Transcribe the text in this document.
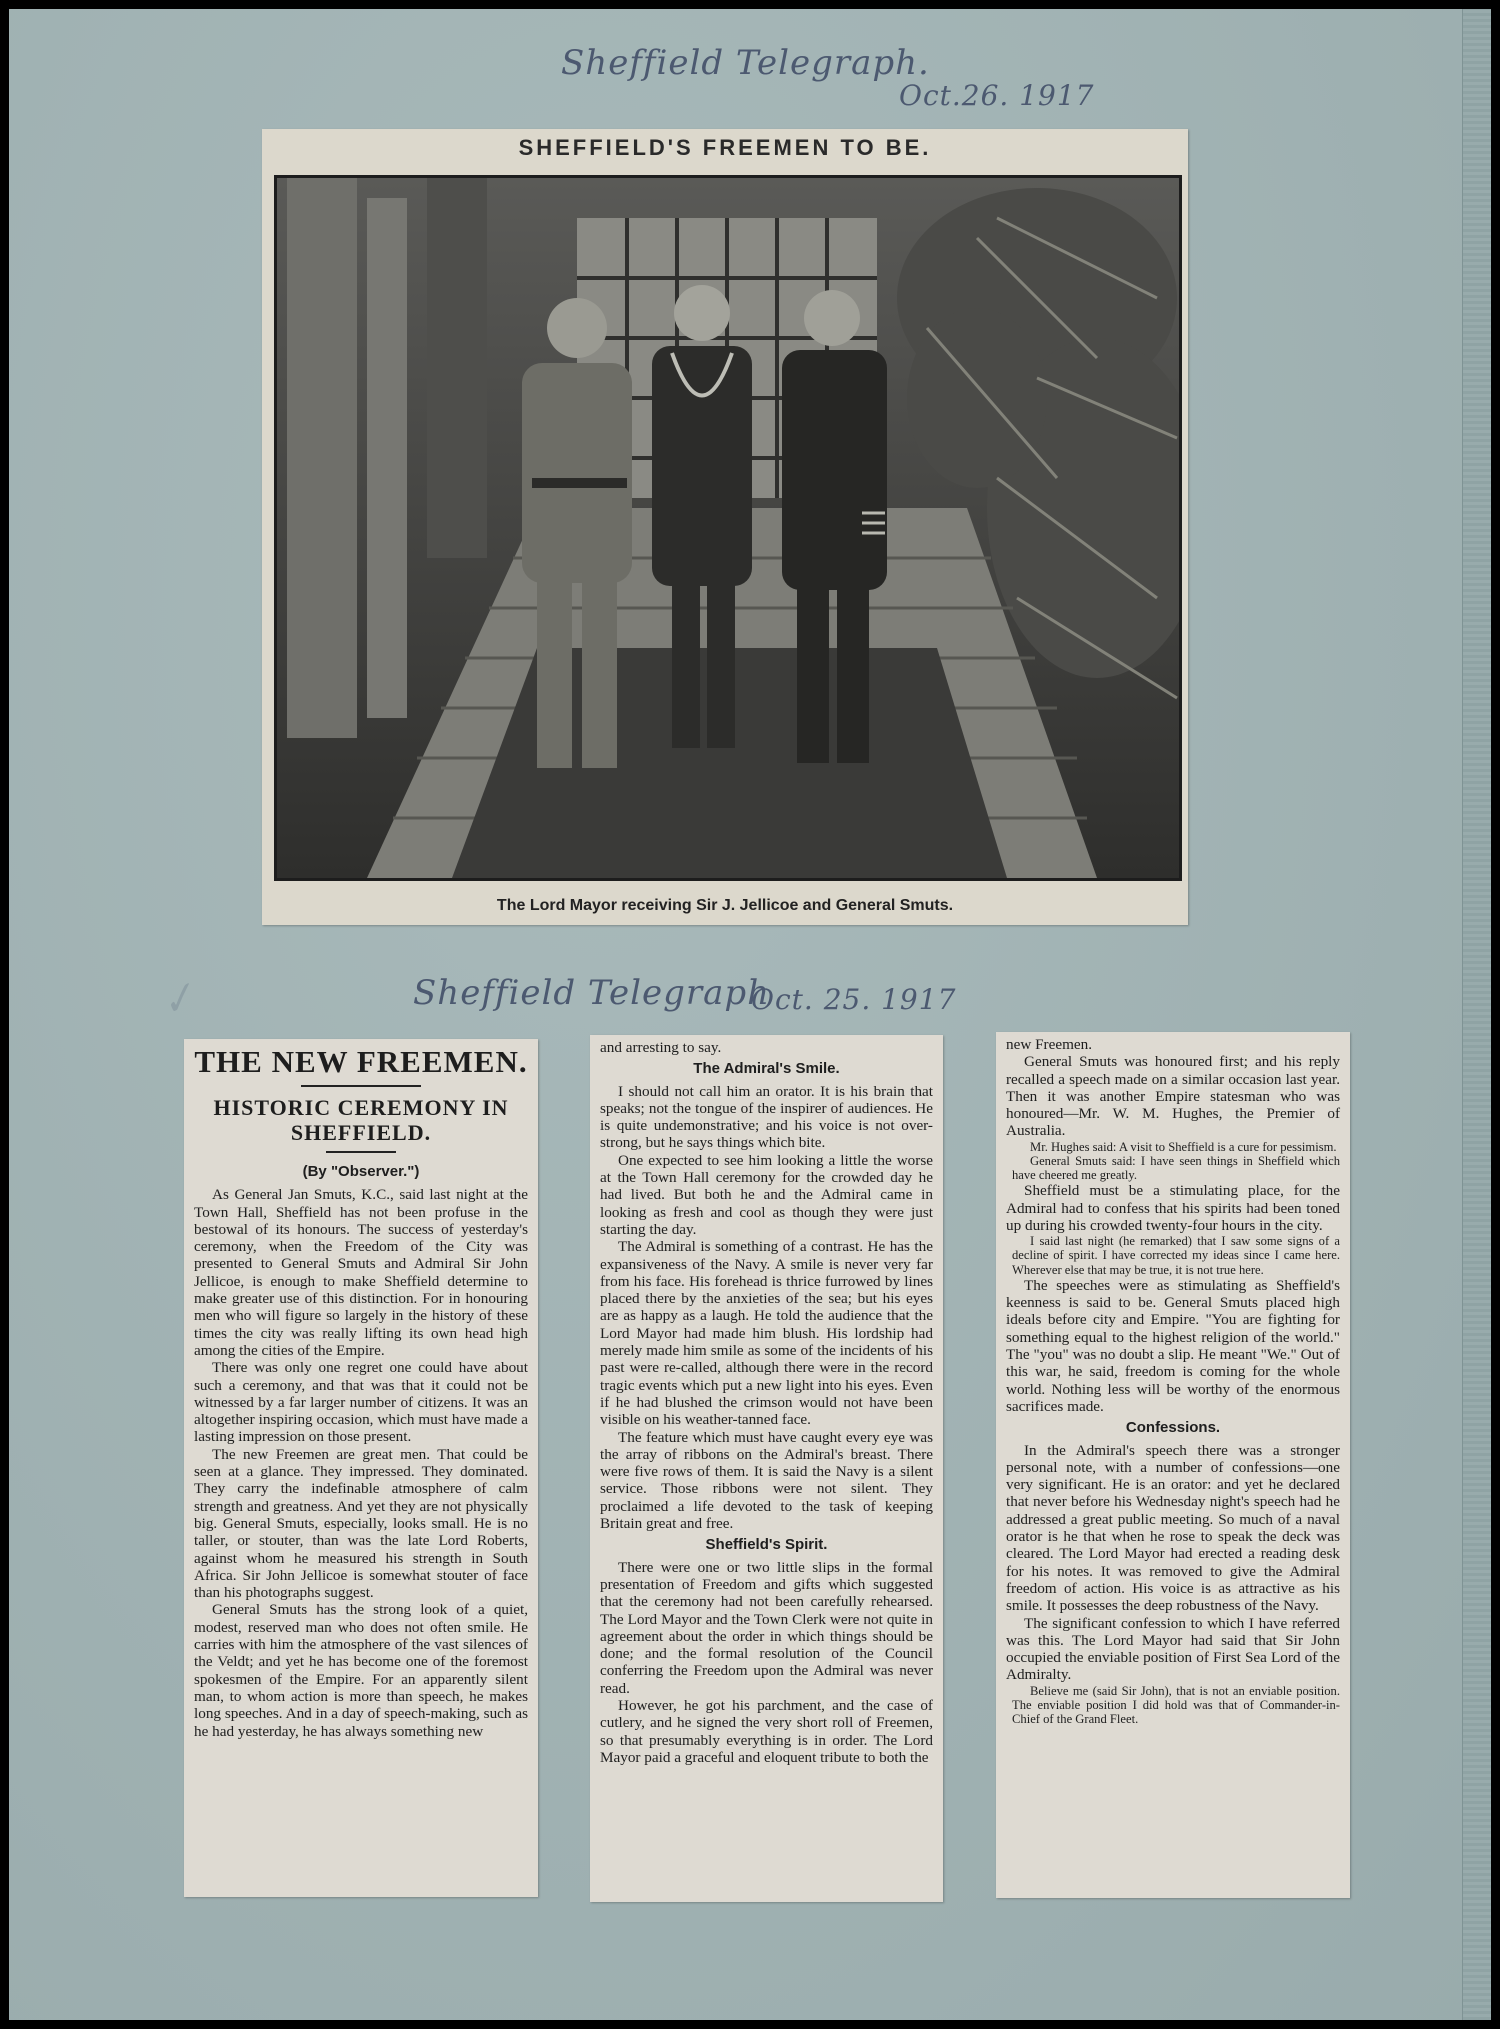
Sheffield Telegraph.
Oct.26. 1917
SHEFFIELD'S FREEMEN TO BE.
The Lord Mayor receiving Sir J. Jellicoe and General Smuts.
✓	Sheffield Telegraph
Oct. 25. 1917
THE NEW FREEMEN.
HISTORIC CEREMONY IN SHEFFIELD.
(By "Observer.")

As General Jan Smuts, K.C., said last night at the Town Hall, Sheffield has not been profuse in the bestowal of its honours. The success of yesterday's ceremony, when the Freedom of the City was presented to General Smuts and Admiral Sir John Jellicoe, is enough to make Sheffield determine to make greater use of this distinction. For in honouring men who will figure so largely in the history of these times the city was really lifting its own head high among the cities of the Empire.

There was only one regret one could have about such a ceremony, and that was that it could not be witnessed by a far larger number of citizens. It was an altogether inspiring occasion, which must have made a lasting impression on those present.

The new Freemen are great men. That could be seen at a glance. They impressed. They dominated. They carry the indefinable atmosphere of calm strength and greatness. And yet they are not physically big. General Smuts, especially, looks small. He is no taller, or stouter, than was the late Lord Roberts, against whom he measured his strength in South Africa. Sir John Jellicoe is somewhat stouter of face than his photographs suggest.

General Smuts has the strong look of a quiet, modest, reserved man who does not often smile. He carries with him the atmosphere of the vast silences of the Veldt; and yet he has become one of the foremost spokesmen of the Empire. For an apparently silent man, to whom action is more than speech, he makes long speeches. And in a day of speech-making, such as he had yesterday, he has always something new

and arresting to say.

The Admiral's Smile.

I should not call him an orator. It is his brain that speaks; not the tongue of the inspirer of audiences. He is quite undemonstrative; and his voice is not over-strong, but he says things which bite.

One expected to see him looking a little the worse at the Town Hall ceremony for the crowded day he had lived. But both he and the Admiral came in looking as fresh and cool as though they were just starting the day.

The Admiral is something of a contrast. He has the expansiveness of the Navy. A smile is never very far from his face. His forehead is thrice furrowed by lines placed there by the anxieties of the sea; but his eyes are as happy as a laugh. He told the audience that the Lord Mayor had made him blush. His lordship had merely made him smile as some of the incidents of his past were re-called, although there were in the record tragic events which put a new light into his eyes. Even if he had blushed the crimson would not have been visible on his weather-tanned face.

The feature which must have caught every eye was the array of ribbons on the Admiral's breast. There were five rows of them. It is said the Navy is a silent service. Those ribbons were not silent. They proclaimed a life devoted to the task of keeping Britain great and free.

Sheffield's Spirit.

There were one or two little slips in the formal presentation of Freedom and gifts which suggested that the ceremony had not been carefully rehearsed. The Lord Mayor and the Town Clerk were not quite in agreement about the order in which things should be done; and the formal resolution of the Council conferring the Freedom upon the Admiral was never read.

However, he got his parchment, and the case of cutlery, and he signed the very short roll of Freemen, so that presumably everything is in order. The Lord Mayor paid a graceful and eloquent tribute to both the

new Freemen.

General Smuts was honoured first; and his reply recalled a speech made on a similar occasion last year. Then it was another Empire statesman who was honoured—Mr. W. M. Hughes, the Premier of Australia.

Mr. Hughes said: A visit to Sheffield is a cure for pessimism.

General Smuts said: I have seen things in Sheffield which have cheered me greatly.

Sheffield must be a stimulating place, for the Admiral had to confess that his spirits had been toned up during his crowded twenty-four hours in the city.

I said last night (he remarked) that I saw some signs of a decline of spirit. I have corrected my ideas since I came here. Wherever else that may be true, it is not true here.

The speeches were as stimulating as Sheffield's keenness is said to be. General Smuts placed high ideals before city and Empire. "You are fighting for something equal to the highest religion of the world." The "you" was no doubt a slip. He meant "We." Out of this war, he said, freedom is coming for the whole world. Nothing less will be worthy of the enormous sacrifices made.

Confessions.

In the Admiral's speech there was a stronger personal note, with a number of confessions—one very significant. He is an orator: and yet he declared that never before his Wednesday night's speech had he addressed a great public meeting. So much of a naval orator is he that when he rose to speak the deck was cleared. The Lord Mayor had erected a reading desk for his notes. It was removed to give the Admiral freedom of action. His voice is as attractive as his smile. It possesses the deep robustness of the Navy.

The significant confession to which I have referred was this. The Lord Mayor had said that Sir John occupied the enviable position of First Sea Lord of the Admiralty.

Believe me (said Sir John), that is not an enviable position. The enviable position I did hold was that of Commander-in-Chief of the Grand Fleet.
